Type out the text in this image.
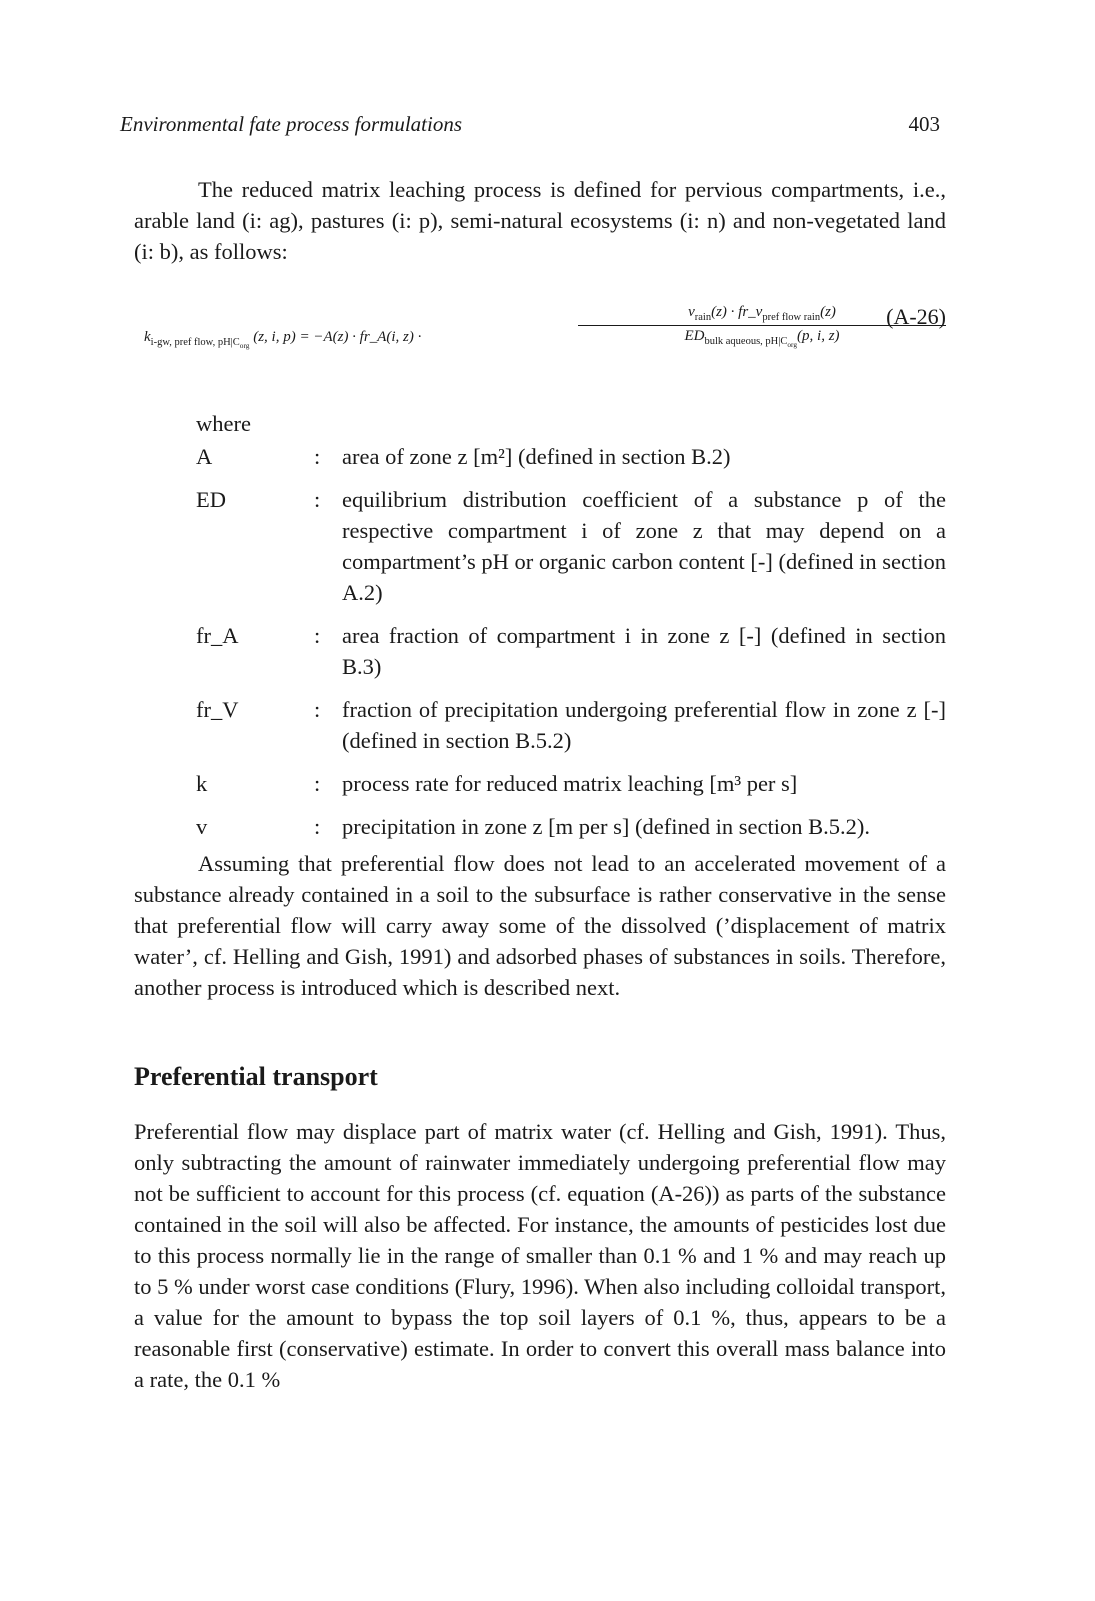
Environmental fate process formulations	403

The reduced matrix leaching process is defined for pervious compartments, i.e., arable land (i: ag), pastures (i: p), semi-natural ecosystems (i: n) and non-vegetated land (i: b), as follows:

$k_{i-gw, pref flow, pH|C_{org}}$ (z, i, p) = −A(z) · fr_A(i, z) ·
$v_{rain}(z)$ · $fr\_v_{pref flow rain}(z)$
$ED_{bulk aqueous, pH|C_{org}}(p$, i, z)
(A-26)
where
A	: area of zone z [m²] (defined in section B.2)
ED	: equilibrium distribution coefficient of a substance p of the respective compartment i of zone z that may depend on a compartment’s pH or organic carbon content [-] (defined in section A.2)
fr_A	: area fraction of compartment i in zone z [-] (defined in section B.3)
fr_V	: fraction of precipitation undergoing preferential flow in zone z [-] (defined in section B.5.2)
k	: process rate for reduced matrix leaching [m³ per s]
v	: precipitation in zone z [m per s] (defined in section B.5.2).

Assuming that preferential flow does not lead to an accelerated movement of a substance already contained in a soil to the subsurface is rather conservative in the sense that preferential flow will carry away some of the dissolved (’displacement of matrix water’, cf. Helling and Gish, 1991) and adsorbed phases of substances in soils. Therefore, another process is introduced which is described next.

Preferential transport

Preferential flow may displace part of matrix water (cf. Helling and Gish, 1991). Thus, only subtracting the amount of rainwater immediately undergoing preferential flow may not be sufficient to account for this process (cf. equation (A-26)) as parts of the substance contained in the soil will also be affected. For instance, the amounts of pesticides lost due to this process normally lie in the range of smaller than 0.1 % and 1 % and may reach up to 5 % under worst case conditions (Flury, 1996). When also including colloidal transport, a value for the amount to bypass the top soil layers of 0.1 %, thus, appears to be a reasonable first (conservative) estimate. In order to convert this overall mass balance into a rate, the 0.1 %
